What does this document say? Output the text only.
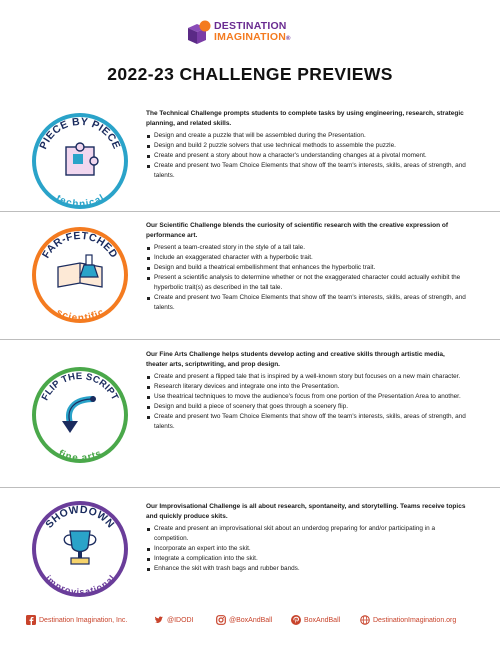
DESTINATION
IMAGINATION®
2022-23 CHALLENGE PREVIEWS
PIECE BY PIECE
technical

The Technical Challenge prompts students to complete tasks by using engineering, research, strategic planning, and related skills.

Design and create a puzzle that will be assembled during the Presentation.
Design and build 2 puzzle solvers that use technical methods to assemble the puzzle.
Create and present a story about how a character's understanding changes at a pivotal moment.
Create and present two Team Choice Elements that show off the team's interests, skills, areas of strength, and talents.
FAR-FETCHED
scientific

Our Scientific Challenge blends the curiosity of scientific research with the creative expression of performance art.

Present a team-created story in the style of a tall tale.
Include an exaggerated character with a hyperbolic trait.
Design and build a theatrical embellishment that enhances the hyperbolic trait.
Present a scientific analysis to determine whether or not the exaggerated character could actually exhibit the hyperbolic trait(s) as described in the tall tale.
Create and present two Team Choice Elements that show off the team's interests, skills, areas of strength, and talents.
FLIP THE SCRIPT
fine arts

Our Fine Arts Challenge helps students develop acting and creative skills through artistic media, theater arts, scriptwriting, and prop design.

Create and present a flipped tale that is inspired by a well-known story but focuses on a new main character.
Research literary devices and integrate one into the Presentation.
Use theatrical techniques to move the audience's focus from one portion of the Presentation Area to another.
Design and build a piece of scenery that goes through a scenery flip.
Create and present two Team Choice Elements that show off the team's interests, skills, areas of strength, and talents.
SHOWDOWN
improvisational

Our Improvisational Challenge is all about research, spontaneity, and storytelling. Teams receive topics and quickly produce skits.

Create and present an improvisational skit about an underdog preparing for and/or participating in a competition.
Incorporate an expert into the skit.
Integrate a complication into the skit.
Enhance the skit with trash bags and rubber bands.
Destination Imagination, Inc.	@IDODI	@BoxAndBall	BoxAndBall	DestinationImagination.org
